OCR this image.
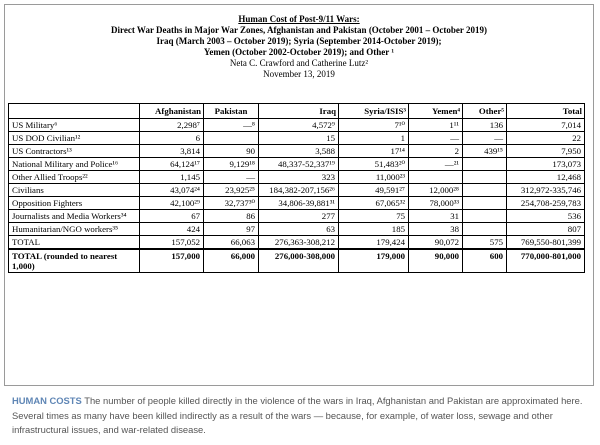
Human Cost of Post-9/11 Wars:
Direct War Deaths in Major War Zones, Afghanistan and Pakistan (October 2001 – October 2019)
Iraq (March 2003 – October 2019); Syria (September 2014-October 2019);
Yemen (October 2002-October 2019); and Other ¹
Neta C. Crawford and Catherine Lutz²
November 13, 2019
	Afghanistan	Pakistan	Iraq	Syria/ISIS³	Yemen⁴	Other⁵	Total
US Military⁶	2,298⁷	—⁸	4,572⁹	7¹⁰	1¹¹	136	7,014
US DOD Civilian¹²	6		15	1	—	—	22
US Contractors¹³	3,814	90	3,588	17¹⁴	2	439¹⁵	7,950
National Military and Police¹⁶	64,124¹⁷	9,129¹⁸	48,337-52,337¹⁹	51,483²⁰	—²¹		173,073
Other Allied Troops²²	1,145	—	323	11,000²³			12,468
Civilians	43,074²⁴	23,925²⁵	184,382-207,156²⁶	49,591²⁷	12,000²⁸		312,972-335,746
Opposition Fighters	42,100²⁹	32,737³⁰	34,806-39,881³¹	67,065³²	78,000³³		254,708-259,783
Journalists and Media Workers³⁴	67	86	277	75	31		536
Humanitarian/NGO workers³⁵	424	97	63	185	38		807
TOTAL	157,052	66,063	276,363-308,212	179,424	90,072	575	769,550-801,399
TOTAL (rounded to nearest 1,000)	157,000	66,000	276,000-308,000	179,000	90,000	600	770,000-801,000
HUMAN COSTS The number of people killed directly in the violence of the wars in Iraq, Afghanistan and Pakistan are approximated here. Several times as many have been killed indirectly as a result of the wars — because, for example, of water loss, sewage and other infrastructural issues, and war-related disease.
